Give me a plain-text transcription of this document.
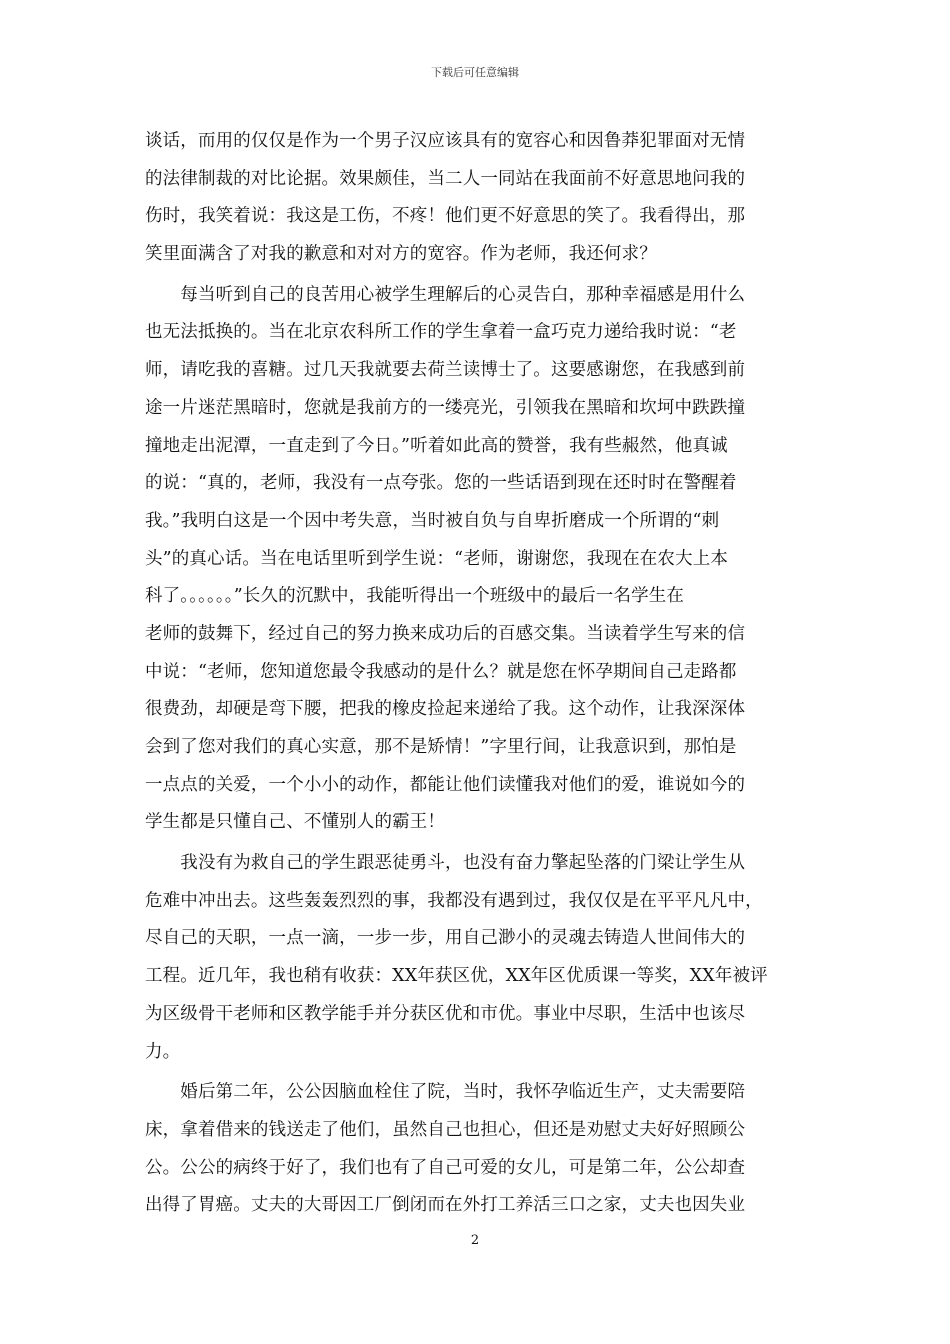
下载后可任意编辑
谈话，而用的仅仅是作为一个男子汉应该具有的宽容心和因鲁莽犯罪面对无情
的法律制裁的对比论据。效果颇佳，当二人一同站在我面前不好意思地问我的
伤时，我笑着说：我这是工伤，不疼！他们更不好意思的笑了。我看得出，那
笑里面满含了对我的歉意和对对方的宽容。作为老师，我还何求？
　　每当听到自己的良苦用心被学生理解后的心灵告白，那种幸福感是用什么
也无法抵换的。当在北京农科所工作的学生拿着一盒巧克力递给我时说：“老
师，请吃我的喜糖。过几天我就要去荷兰读博士了。这要感谢您，在我感到前
途一片迷茫黑暗时，您就是我前方的一缕亮光，引领我在黑暗和坎坷中跌跌撞
撞地走出泥潭，一直走到了今日。”听着如此高的赞誉，我有些赧然，他真诚
的说：“真的，老师，我没有一点夸张。您的一些话语到现在还时时在警醒着
我。”我明白这是一个因中考失意，当时被自负与自卑折磨成一个所谓的“刺
头”的真心话。当在电话里听到学生说：“老师，谢谢您，我现在在农大上本
科了。。。。。。”长久的沉默中，我能听得出一个班级中的最后一名学生在
老师的鼓舞下，经过自己的努力换来成功后的百感交集。当读着学生写来的信
中说：“老师，您知道您最令我感动的是什么？就是您在怀孕期间自己走路都
很费劲，却硬是弯下腰，把我的橡皮捡起来递给了我。这个动作，让我深深体
会到了您对我们的真心实意，那不是矫情！”字里行间，让我意识到，那怕是
一点点的关爱，一个小小的动作，都能让他们读懂我对他们的爱，谁说如今的
学生都是只懂自己、不懂别人的霸王！
　　我没有为救自己的学生跟恶徒勇斗，也没有奋力擎起坠落的门梁让学生从
危难中冲出去。这些轰轰烈烈的事，我都没有遇到过，我仅仅是在平平凡凡中，
尽自己的天职，一点一滴，一步一步，用自己渺小的灵魂去铸造人世间伟大的
工程。近几年，我也稍有收获：XX年获区优，XX年区优质课一等奖，XX年被评
为区级骨干老师和区教学能手并分获区优和市优。事业中尽职，生活中也该尽
力。
　　婚后第二年，公公因脑血栓住了院，当时，我怀孕临近生产，丈夫需要陪
床，拿着借来的钱送走了他们，虽然自己也担心，但还是劝慰丈夫好好照顾公
公。公公的病终于好了，我们也有了自己可爱的女儿，可是第二年，公公却查
出得了胃癌。丈夫的大哥因工厂倒闭而在外打工养活三口之家，丈夫也因失业
2
